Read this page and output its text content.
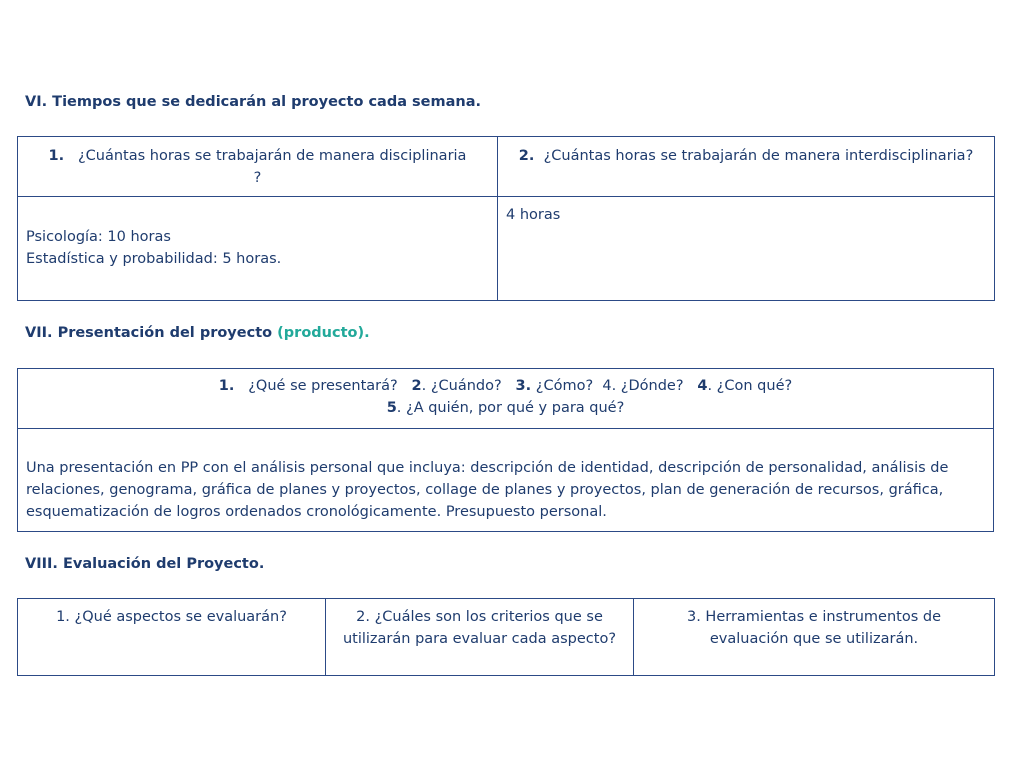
VI. Tiempos que se dedicarán al proyecto cada semana.
1. ¿Cuántas horas se trabajarán de manera disciplinaria ?	2. ¿Cuántas horas se trabajarán de manera interdisciplinaria?

Psicología: 10 horas
Estadística y probabilidad: 5 horas.	4 horas
VII. Presentación del proyecto (producto).
1. ¿Qué se presentará? 2. ¿Cuándo? 3. ¿Cómo? 4. ¿Dónde? 4. ¿Con qué?
5. ¿A quién, por qué y para qué?

Una presentación en PP con el análisis personal que incluya: descripción de identidad, descripción de personalidad, análisis de relaciones, genograma, gráfica de planes y proyectos, collage de planes y proyectos, plan de generación de recursos, gráfica, esquematización de logros ordenados cronológicamente. Presupuesto personal.
VIII. Evaluación del Proyecto.
1. ¿Qué aspectos se evaluarán?	2. ¿Cuáles son los criterios que se utilizarán para evaluar cada aspecto?	3. Herramientas e instrumentos de evaluación que se utilizarán.
